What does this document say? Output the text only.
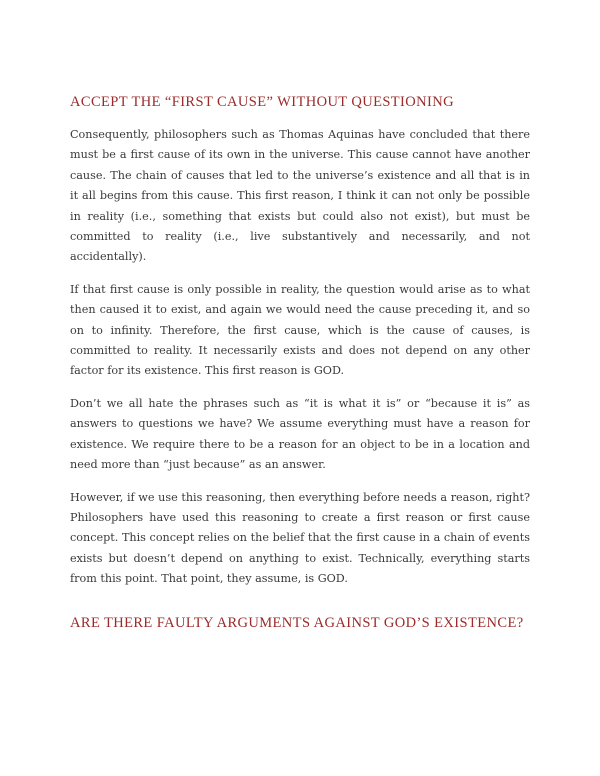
ACCEPT THE “FIRST CAUSE” WITHOUT QUESTIONING

Consequently, philosophers such as Thomas Aquinas have concluded that there must be a first cause of its own in the universe. This cause cannot have another cause. The chain of causes that led to the universe’s existence and all that is in it all begins from this cause. This first reason, I think it can not only be possible in reality (i.e., something that exists but could also not exist), but must be committed to reality (i.e., live substantively and necessarily, and not accidentally).

If that first cause is only possible in reality, the question would arise as to what then caused it to exist, and again we would need the cause preceding it, and so on to infinity. Therefore, the first cause, which is the cause of causes, is committed to reality. It necessarily exists and does not depend on any other factor for its existence. This first reason is GOD.

Don’t we all hate the phrases such as “it is what it is” or “because it is” as answers to questions we have? We assume everything must have a reason for existence. We require there to be a reason for an object to be in a location and need more than “just because” as an answer.

However, if we use this reasoning, then everything before needs a reason, right? Philosophers have used this reasoning to create a first reason or first cause concept. This concept relies on the belief that the first cause in a chain of events exists but doesn’t depend on anything to exist. Technically, everything starts from this point. That point, they assume, is GOD.

ARE THERE FAULTY ARGUMENTS AGAINST GOD’S EXISTENCE?
